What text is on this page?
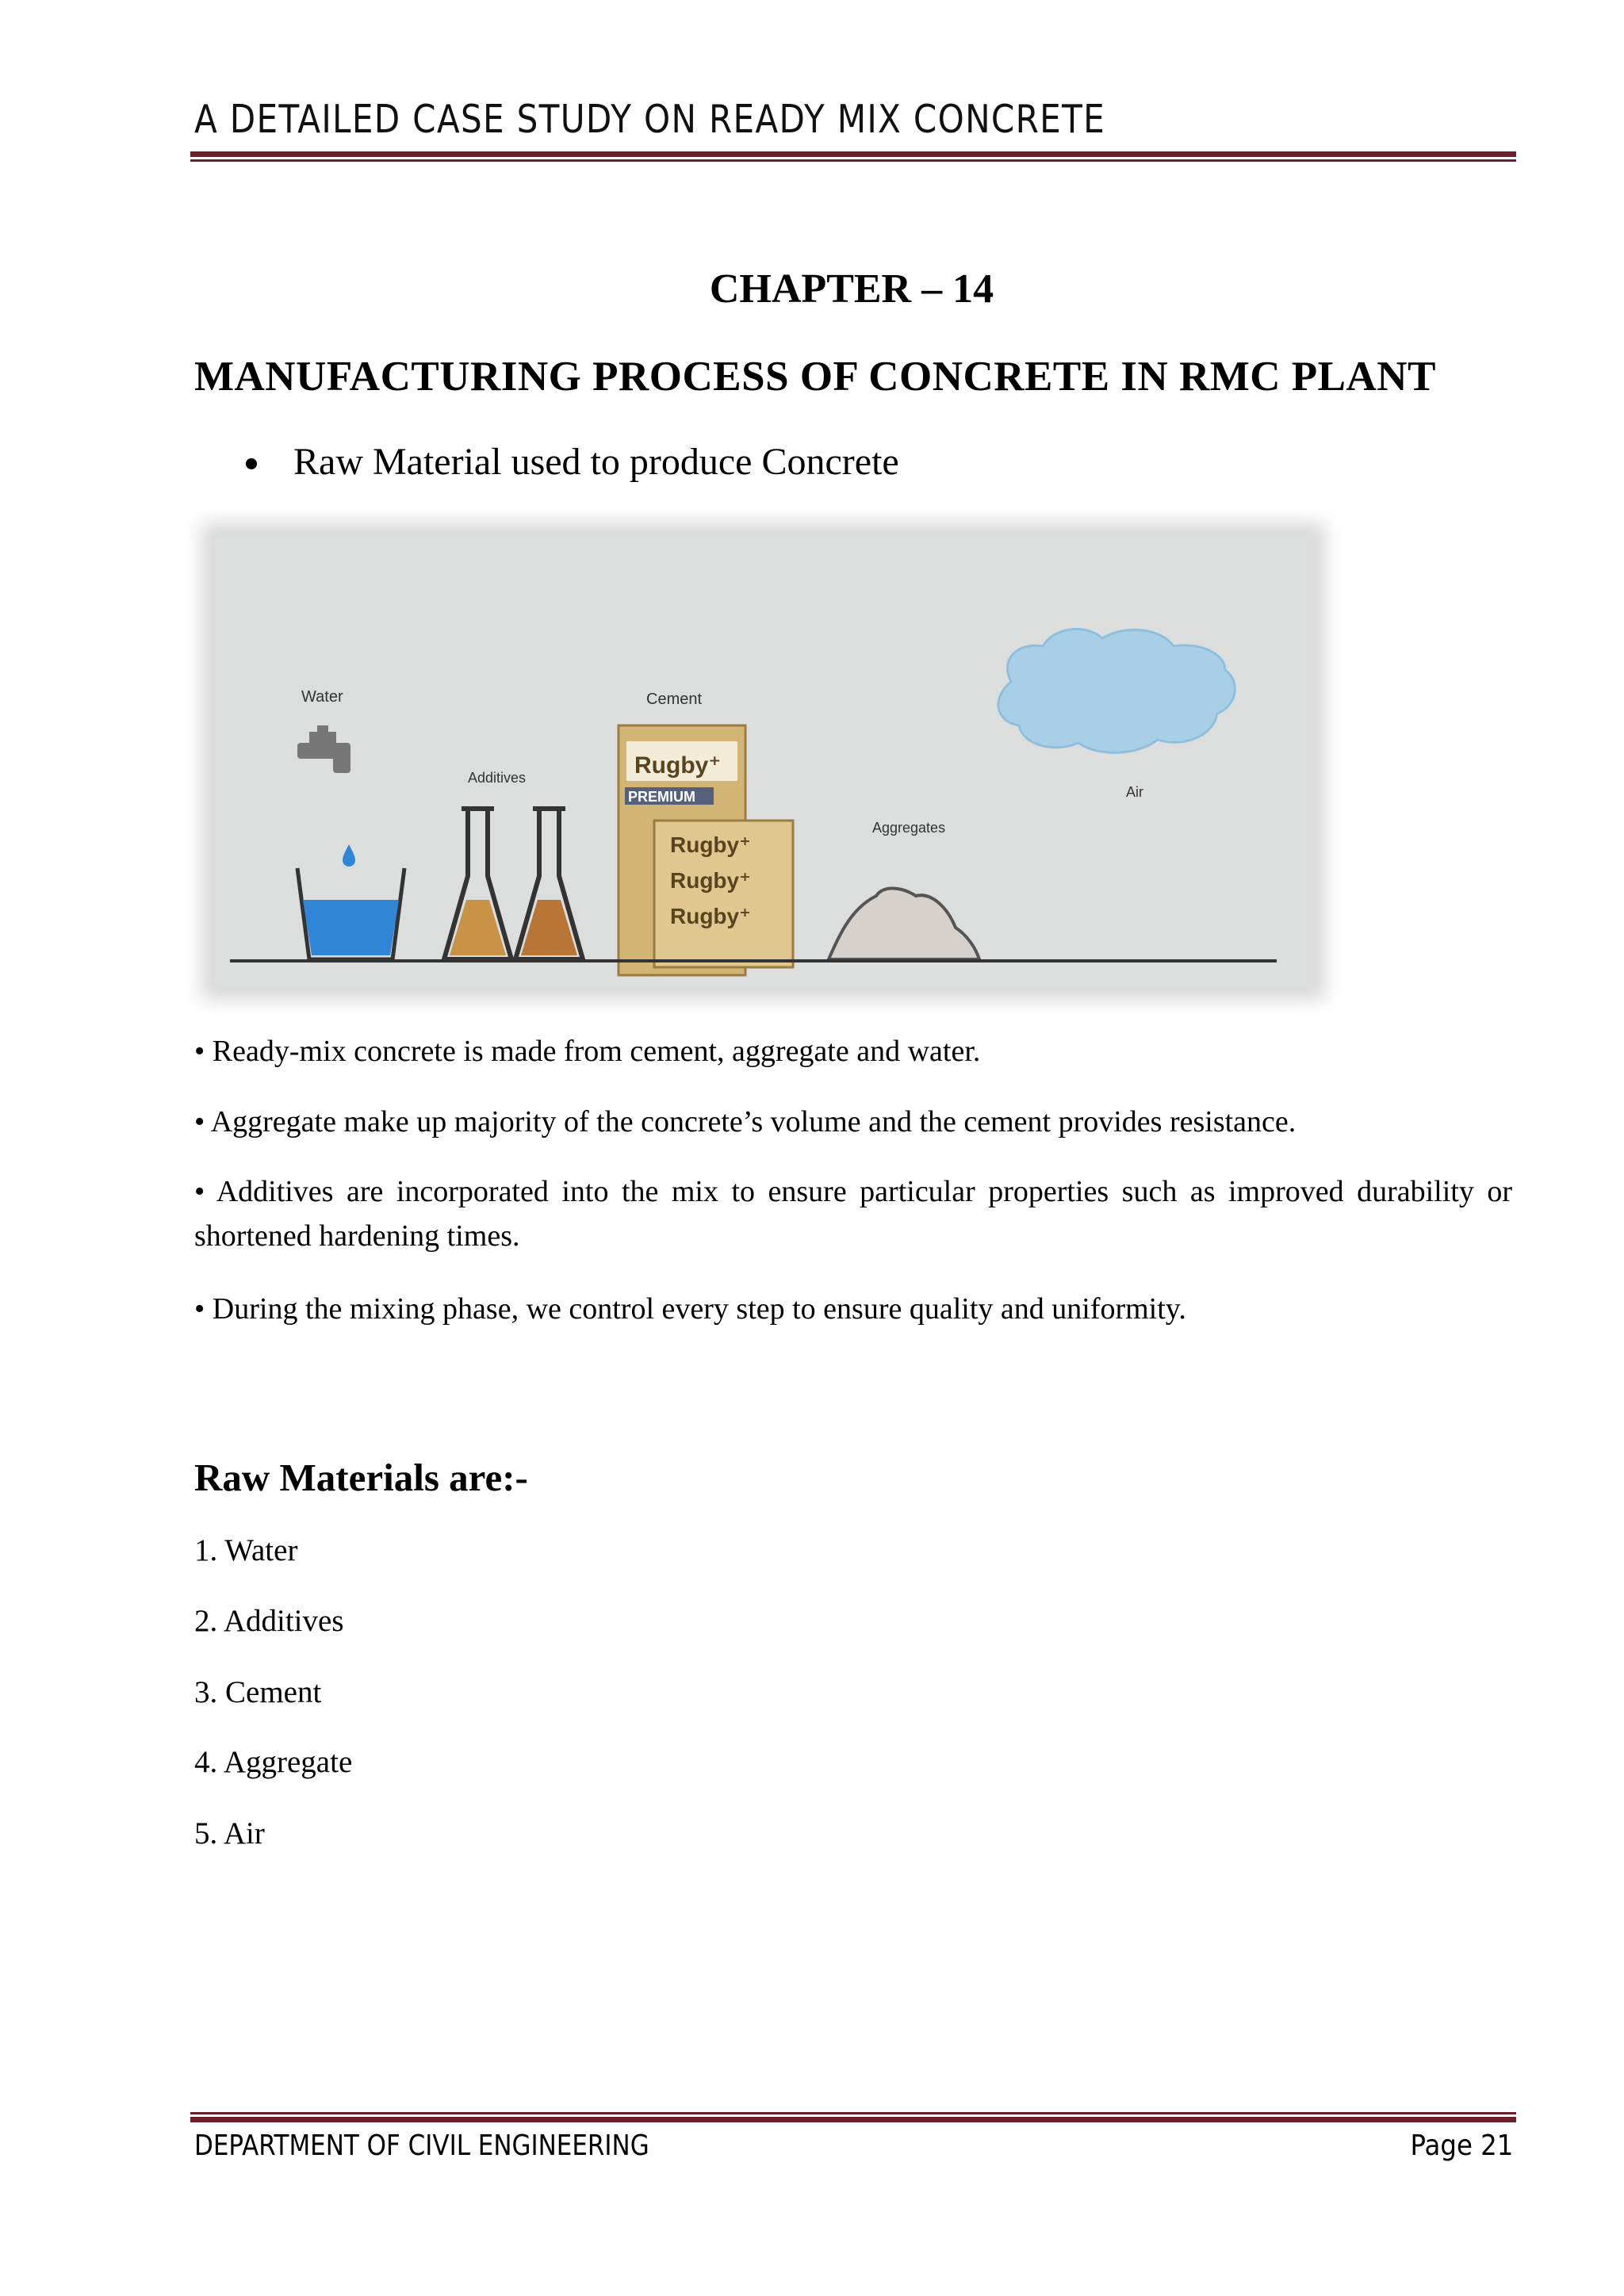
A DETAILED CASE STUDY ON READY MIX CONCRETE
CHAPTER – 14
MANUFACTURING PROCESS OF CONCRETE IN RMC PLANT
Raw Material used to produce Concrete
Air
Water
Additives
Cement
Rugby⁺
PREMIUM
Rugby⁺
Rugby⁺
Rugby⁺
Aggregates
• Ready-mix concrete is made from cement, aggregate and water.
• Aggregate make up majority of the concrete’s volume and the cement provides resistance.
• Additives are incorporated into the mix to ensure particular properties such as improved durability or shortened hardening times.
• During the mixing phase, we control every step to ensure quality and uniformity.
Raw Materials are:-
1. Water
2. Additives
3. Cement
4. Aggregate
5. Air
DEPARTMENT OF CIVIL ENGINEERING	Page 21
